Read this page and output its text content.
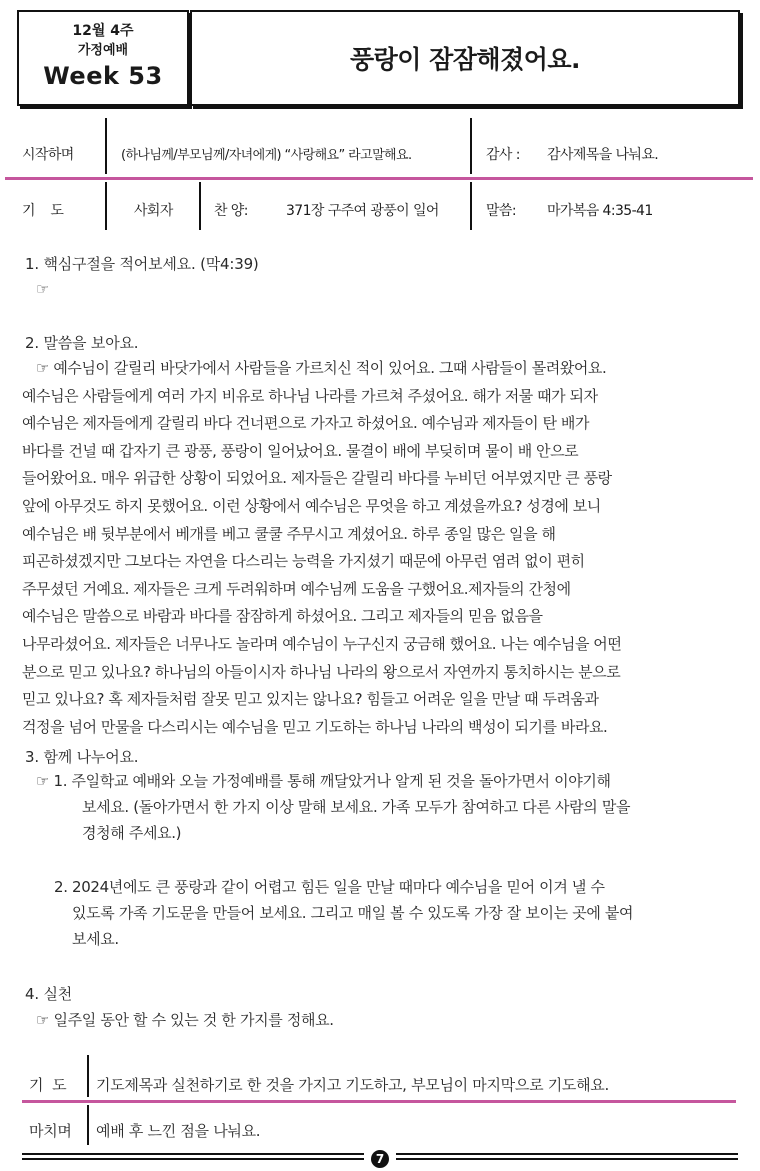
12월 4주
가정예배
Week 53
풍랑이 잠잠해졌어요.
시작하며	(하나님께/부모님께/자녀에게) “사랑해요” 라고말해요.	감사 : 감사제목을 나눠요.
기    도	사회자	찬 양:	371장 구주여 광풍이 일어	말씀: 마가복음 4:35-41
1. 핵심구절을 적어보세요. (막4:39)
☞
2. 말씀을 보아요.
☞ 예수님이 갈릴리 바닷가에서 사람들을 가르치신 적이 있어요. 그때 사람들이 몰려왔어요.
예수님은 사람들에게 여러 가지 비유로 하나님 나라를 가르쳐 주셨어요. 해가 저물 때가 되자
예수님은 제자들에게 갈릴리 바다 건너편으로 가자고 하셨어요. 예수님과 제자들이 탄 배가
바다를 건널 때 갑자기 큰 광풍, 풍랑이 일어났어요. 물결이 배에 부딪히며 물이 배 안으로
들어왔어요. 매우 위급한 상황이 되었어요. 제자들은 갈릴리 바다를 누비던 어부였지만 큰 풍랑
앞에 아무것도 하지 못했어요. 이런 상황에서 예수님은 무엇을 하고 계셨을까요? 성경에 보니
예수님은 배 뒷부분에서 베개를 베고 쿨쿨 주무시고 계셨어요. 하루 종일 많은 일을 해
피곤하셨겠지만 그보다는 자연을 다스리는 능력을 가지셨기 때문에 아무런 염려 없이 편히
주무셨던 거예요. 제자들은 크게 두려워하며 예수님께 도움을 구했어요.제자들의 간청에
예수님은 말씀으로 바람과 바다를 잠잠하게 하셨어요. 그리고 제자들의 믿음 없음을
나무라셨어요. 제자들은 너무나도 놀라며 예수님이 누구신지 궁금해 했어요. 나는 예수님을 어떤
분으로 믿고 있나요? 하나님의 아들이시자 하나님 나라의 왕으로서 자연까지 통치하시는 분으로
믿고 있나요? 혹 제자들처럼 잘못 믿고 있지는 않나요? 힘들고 어려운 일을 만날 때 두려움과
걱정을 넘어 만물을 다스리시는 예수님을 믿고 기도하는 하나님 나라의 백성이 되기를 바라요.
3. 함께 나누어요.
☞ 1. 주일학교 예배와 오늘 가정예배를 통해 깨달았거나 알게 된 것을 돌아가면서 이야기해
보세요. (돌아가면서 한 가지 이상 말해 보세요. 가족 모두가 참여하고 다른 사람의 말을
경청해 주세요.)
2. 2024년에도 큰 풍랑과 같이 어렵고 힘든 일을 만날 때마다 예수님을 믿어 이겨 낼 수
있도록 가족 기도문을 만들어 보세요. 그리고 매일 볼 수 있도록 가장 잘 보이는 곳에 붙여
보세요.
4. 실천
☞ 일주일 동안 할 수 있는 것 한 가지를 정해요.
기  도 기도제목과 실천하기로 한 것을 가지고 기도하고, 부모님이 마지막으로 기도해요.
마치며 예배 후 느낀 점을 나눠요.
7
